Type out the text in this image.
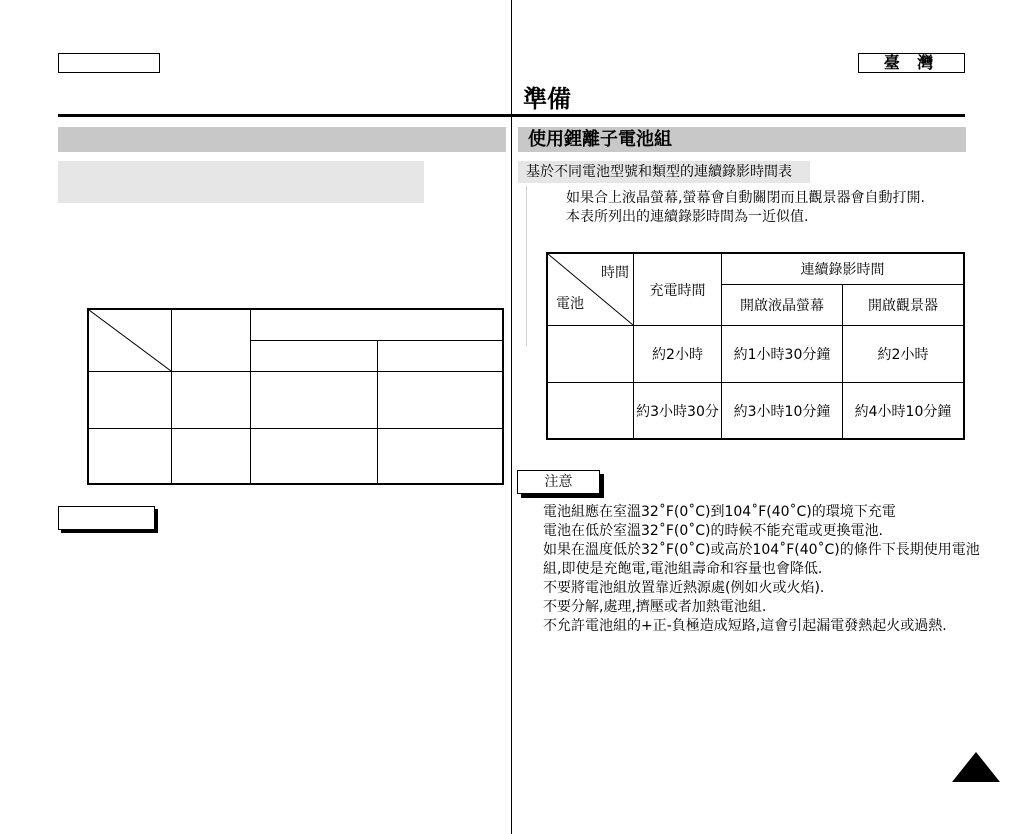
臺 灣
準備

使用鋰離子電池組
基於不同電池型號和類型的連續錄影時間表
如果合上液晶螢幕,螢幕會自動關閉而且觀景器會自動打開.
本表所列出的連續錄影時間為一近似值.
時間
電池	充電時間	連續錄影時間	
		開啟液晶螢幕	開啟觀景器
	約2小時	約1小時30分鐘	約2小時
	約3小時30分	約3小時10分鐘	約4小時10分鐘
注意
電池組應在室溫32˚F(0˚C)到104˚F(40˚C)的環境下充電
電池在低於室溫32˚F(0˚C)的時候不能充電或更換電池.
如果在溫度低於32˚F(0˚C)或高於104˚F(40˚C)的條件下長期使用電池
組,即使是充飽電,電池組壽命和容量也會降低.
不要將電池組放置靠近熱源處(例如火或火焰).
不要分解,處理,擠壓或者加熱電池組.
不允許電池組的+正-負極造成短路,這會引起漏電發熱起火或過熱.
